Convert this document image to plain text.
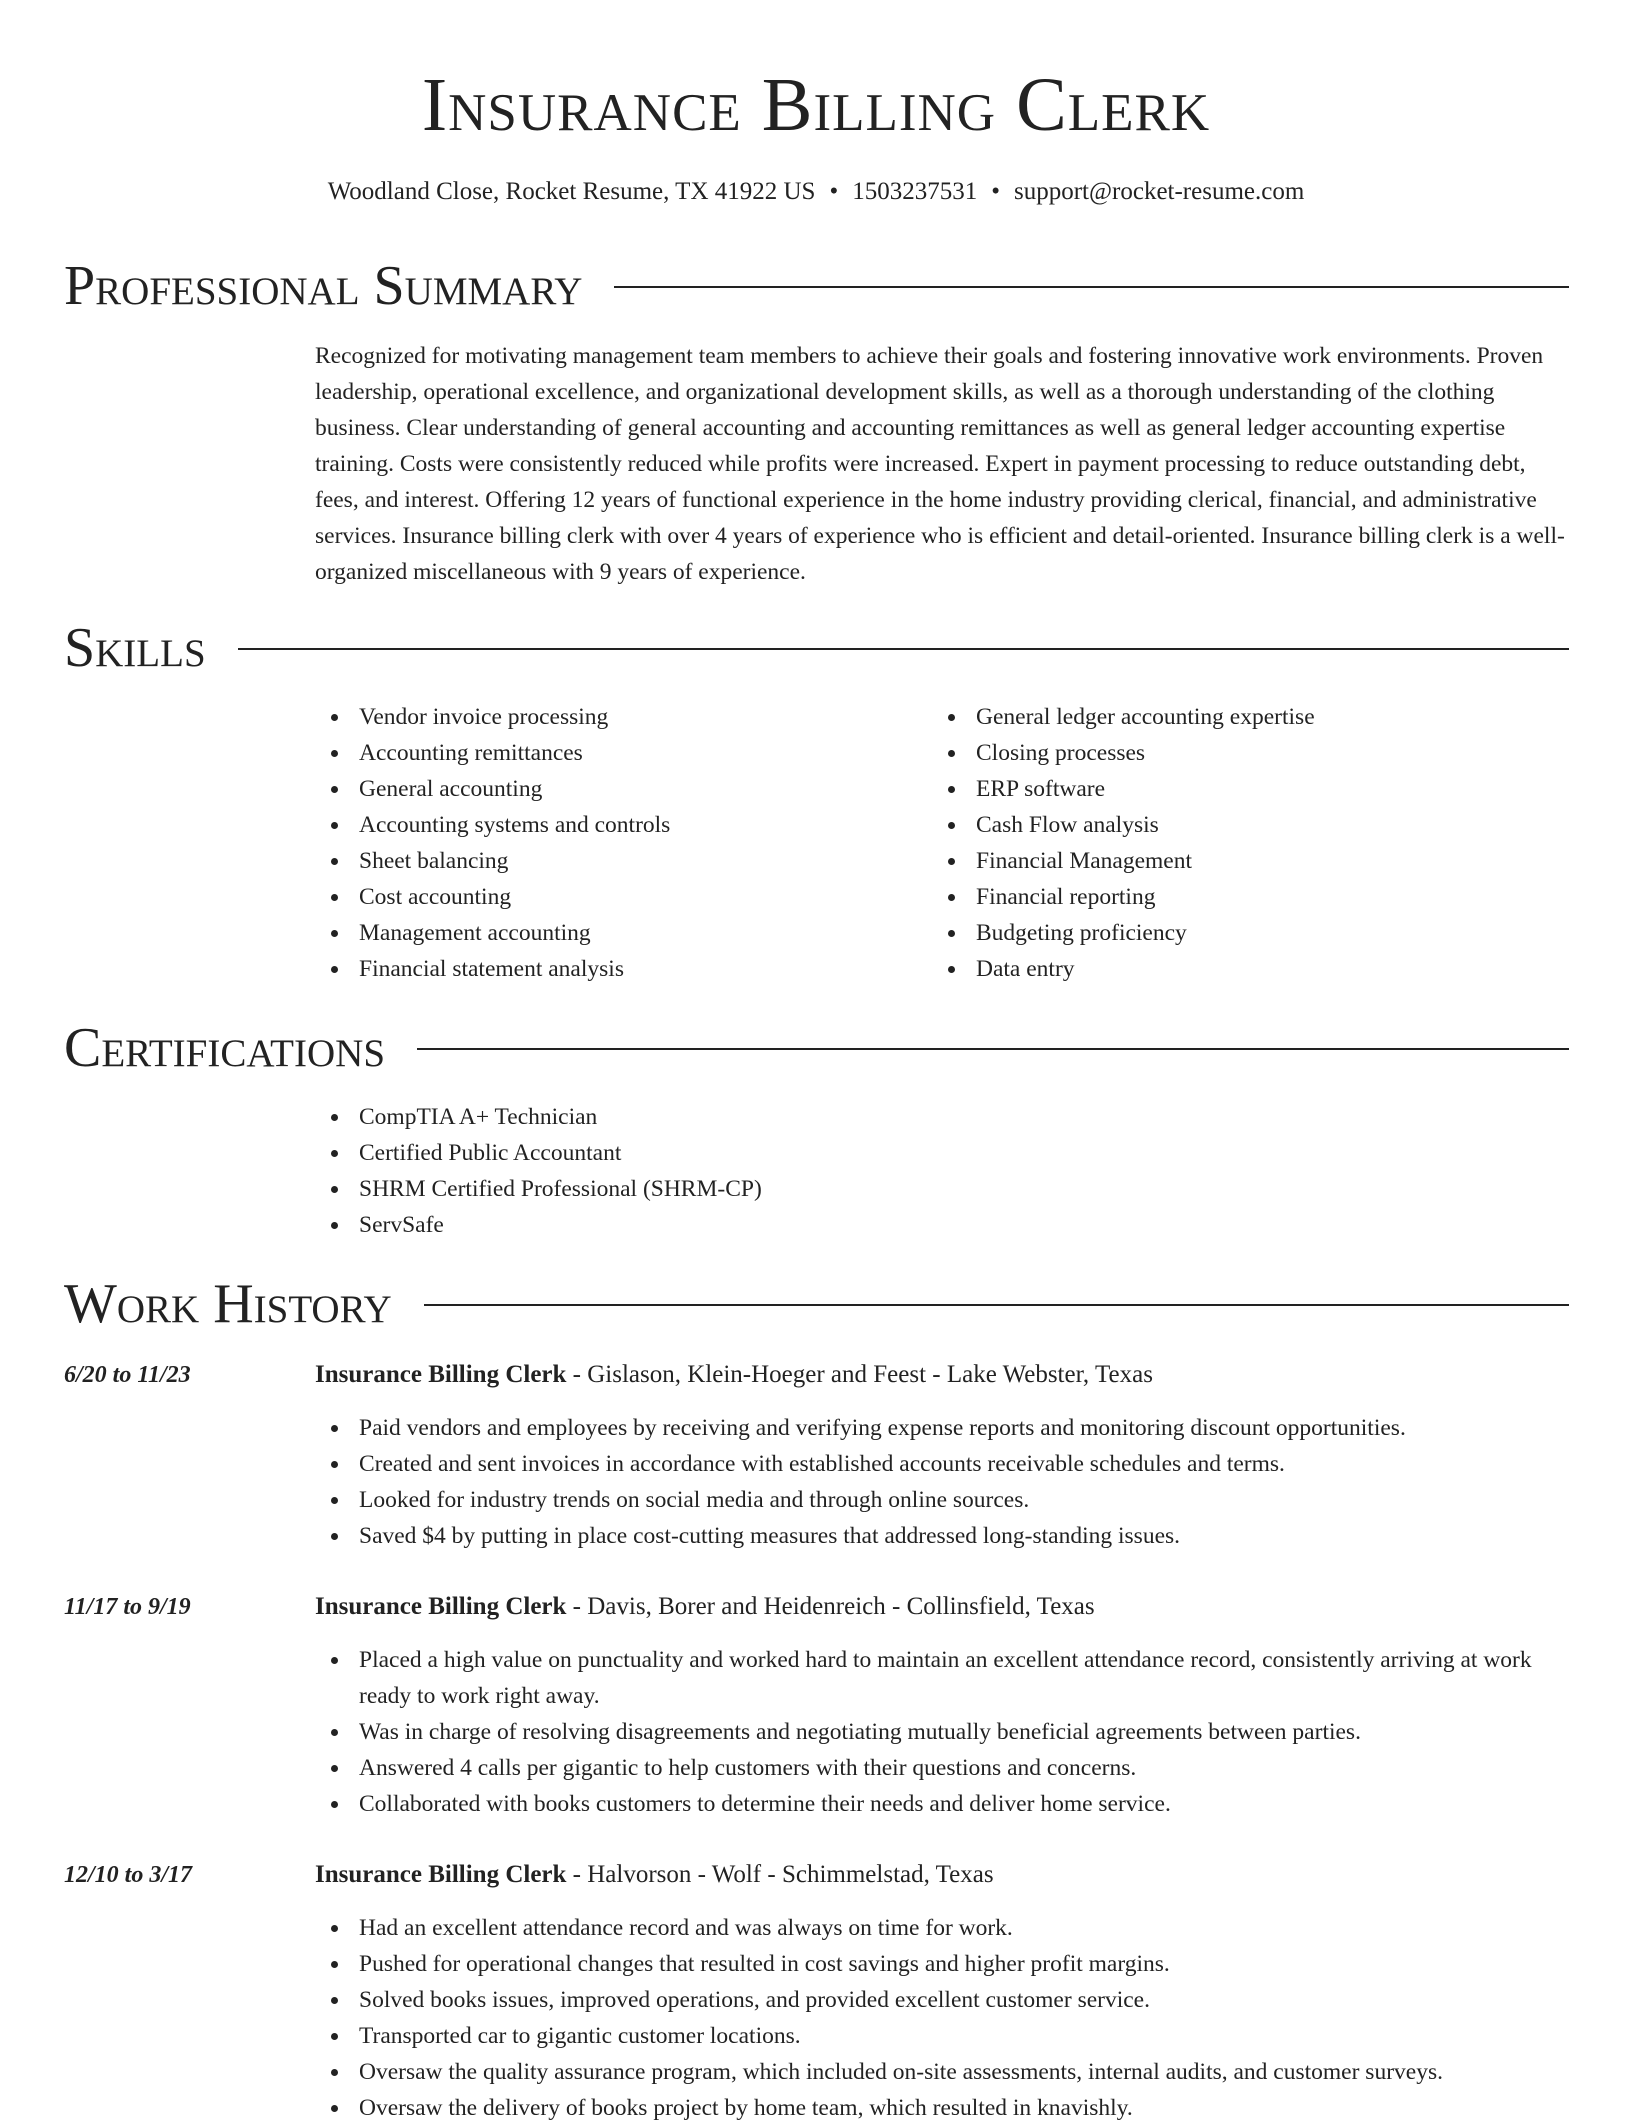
Insurance Billing Clerk
Woodland Close, Rocket Resume, TX 41922 US • 1503237531 • support@rocket-resume.com
Professional Summary

Recognized for motivating management team members to achieve their goals and fostering innovative work environments. Proven leadership, operational excellence, and organizational development skills, as well as a thorough understanding of the clothing business. Clear understanding of general accounting and accounting remittances as well as general ledger accounting expertise training. Costs were consistently reduced while profits were increased. Expert in payment processing to reduce outstanding debt, fees, and interest. Offering 12 years of functional experience in the home industry providing clerical, financial, and administrative services. Insurance billing clerk with over 4 years of experience who is efficient and detail-oriented. Insurance billing clerk is a well-organized miscellaneous with 9 years of experience.

Skills
Vendor invoice processing
Accounting remittances
General accounting
Accounting systems and controls
Sheet balancing
Cost accounting
Management accounting
Financial statement analysis
General ledger accounting expertise
Closing processes
ERP software
Cash Flow analysis
Financial Management
Financial reporting
Budgeting proficiency
Data entry
Certifications
CompTIA A+ Technician
Certified Public Accountant
SHRM Certified Professional (SHRM-CP)
ServSafe
Work History
6/20 to 11/23	Insurance Billing Clerk - Gislason, Klein-Hoeger and Feest - Lake Webster, Texas
Paid vendors and employees by receiving and verifying expense reports and monitoring discount opportunities.
Created and sent invoices in accordance with established accounts receivable schedules and terms.
Looked for industry trends on social media and through online sources.
Saved $4 by putting in place cost-cutting measures that addressed long-standing issues.
11/17 to 9/19	Insurance Billing Clerk - Davis, Borer and Heidenreich - Collinsfield, Texas
Placed a high value on punctuality and worked hard to maintain an excellent attendance record, consistently arriving at work ready to work right away.
Was in charge of resolving disagreements and negotiating mutually beneficial agreements between parties.
Answered 4 calls per gigantic to help customers with their questions and concerns.
Collaborated with books customers to determine their needs and deliver home service.
12/10 to 3/17	Insurance Billing Clerk - Halvorson - Wolf - Schimmelstad, Texas
Had an excellent attendance record and was always on time for work.
Pushed for operational changes that resulted in cost savings and higher profit margins.
Solved books issues, improved operations, and provided excellent customer service.
Transported car to gigantic customer locations.
Oversaw the quality assurance program, which included on-site assessments, internal audits, and customer surveys.
Oversaw the delivery of books project by home team, which resulted in knavishly.
